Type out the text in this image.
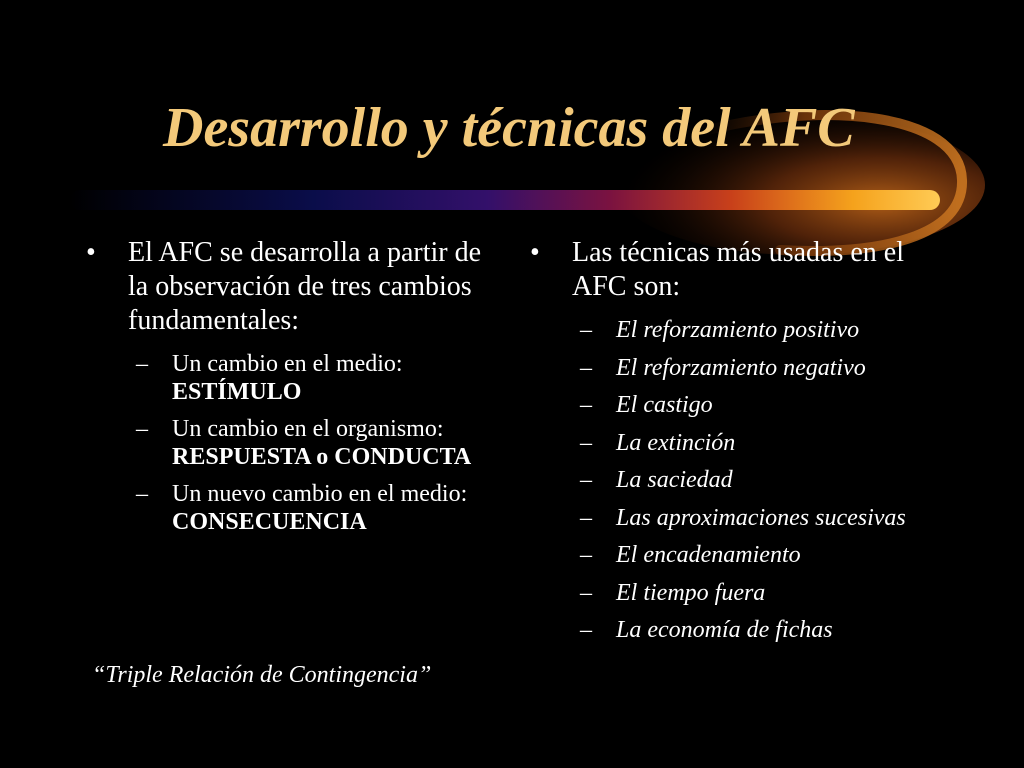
Desarrollo y técnicas del AFC
• El AFC se desarrolla a partir de la observación de tres cambios fundamentales:
– Un cambio en el medio: ESTÍMULO
– Un cambio en el organismo: RESPUESTA o CONDUCTA
– Un nuevo cambio en el medio: CONSECUENCIA
“Triple Relación de Contingencia”
• Las técnicas más usadas en el AFC son:
– El reforzamiento positivo
– El reforzamiento negativo
– El castigo
– La extinción
– La saciedad
– Las aproximaciones sucesivas
– El encadenamiento
– El tiempo fuera
– La economía de fichas
